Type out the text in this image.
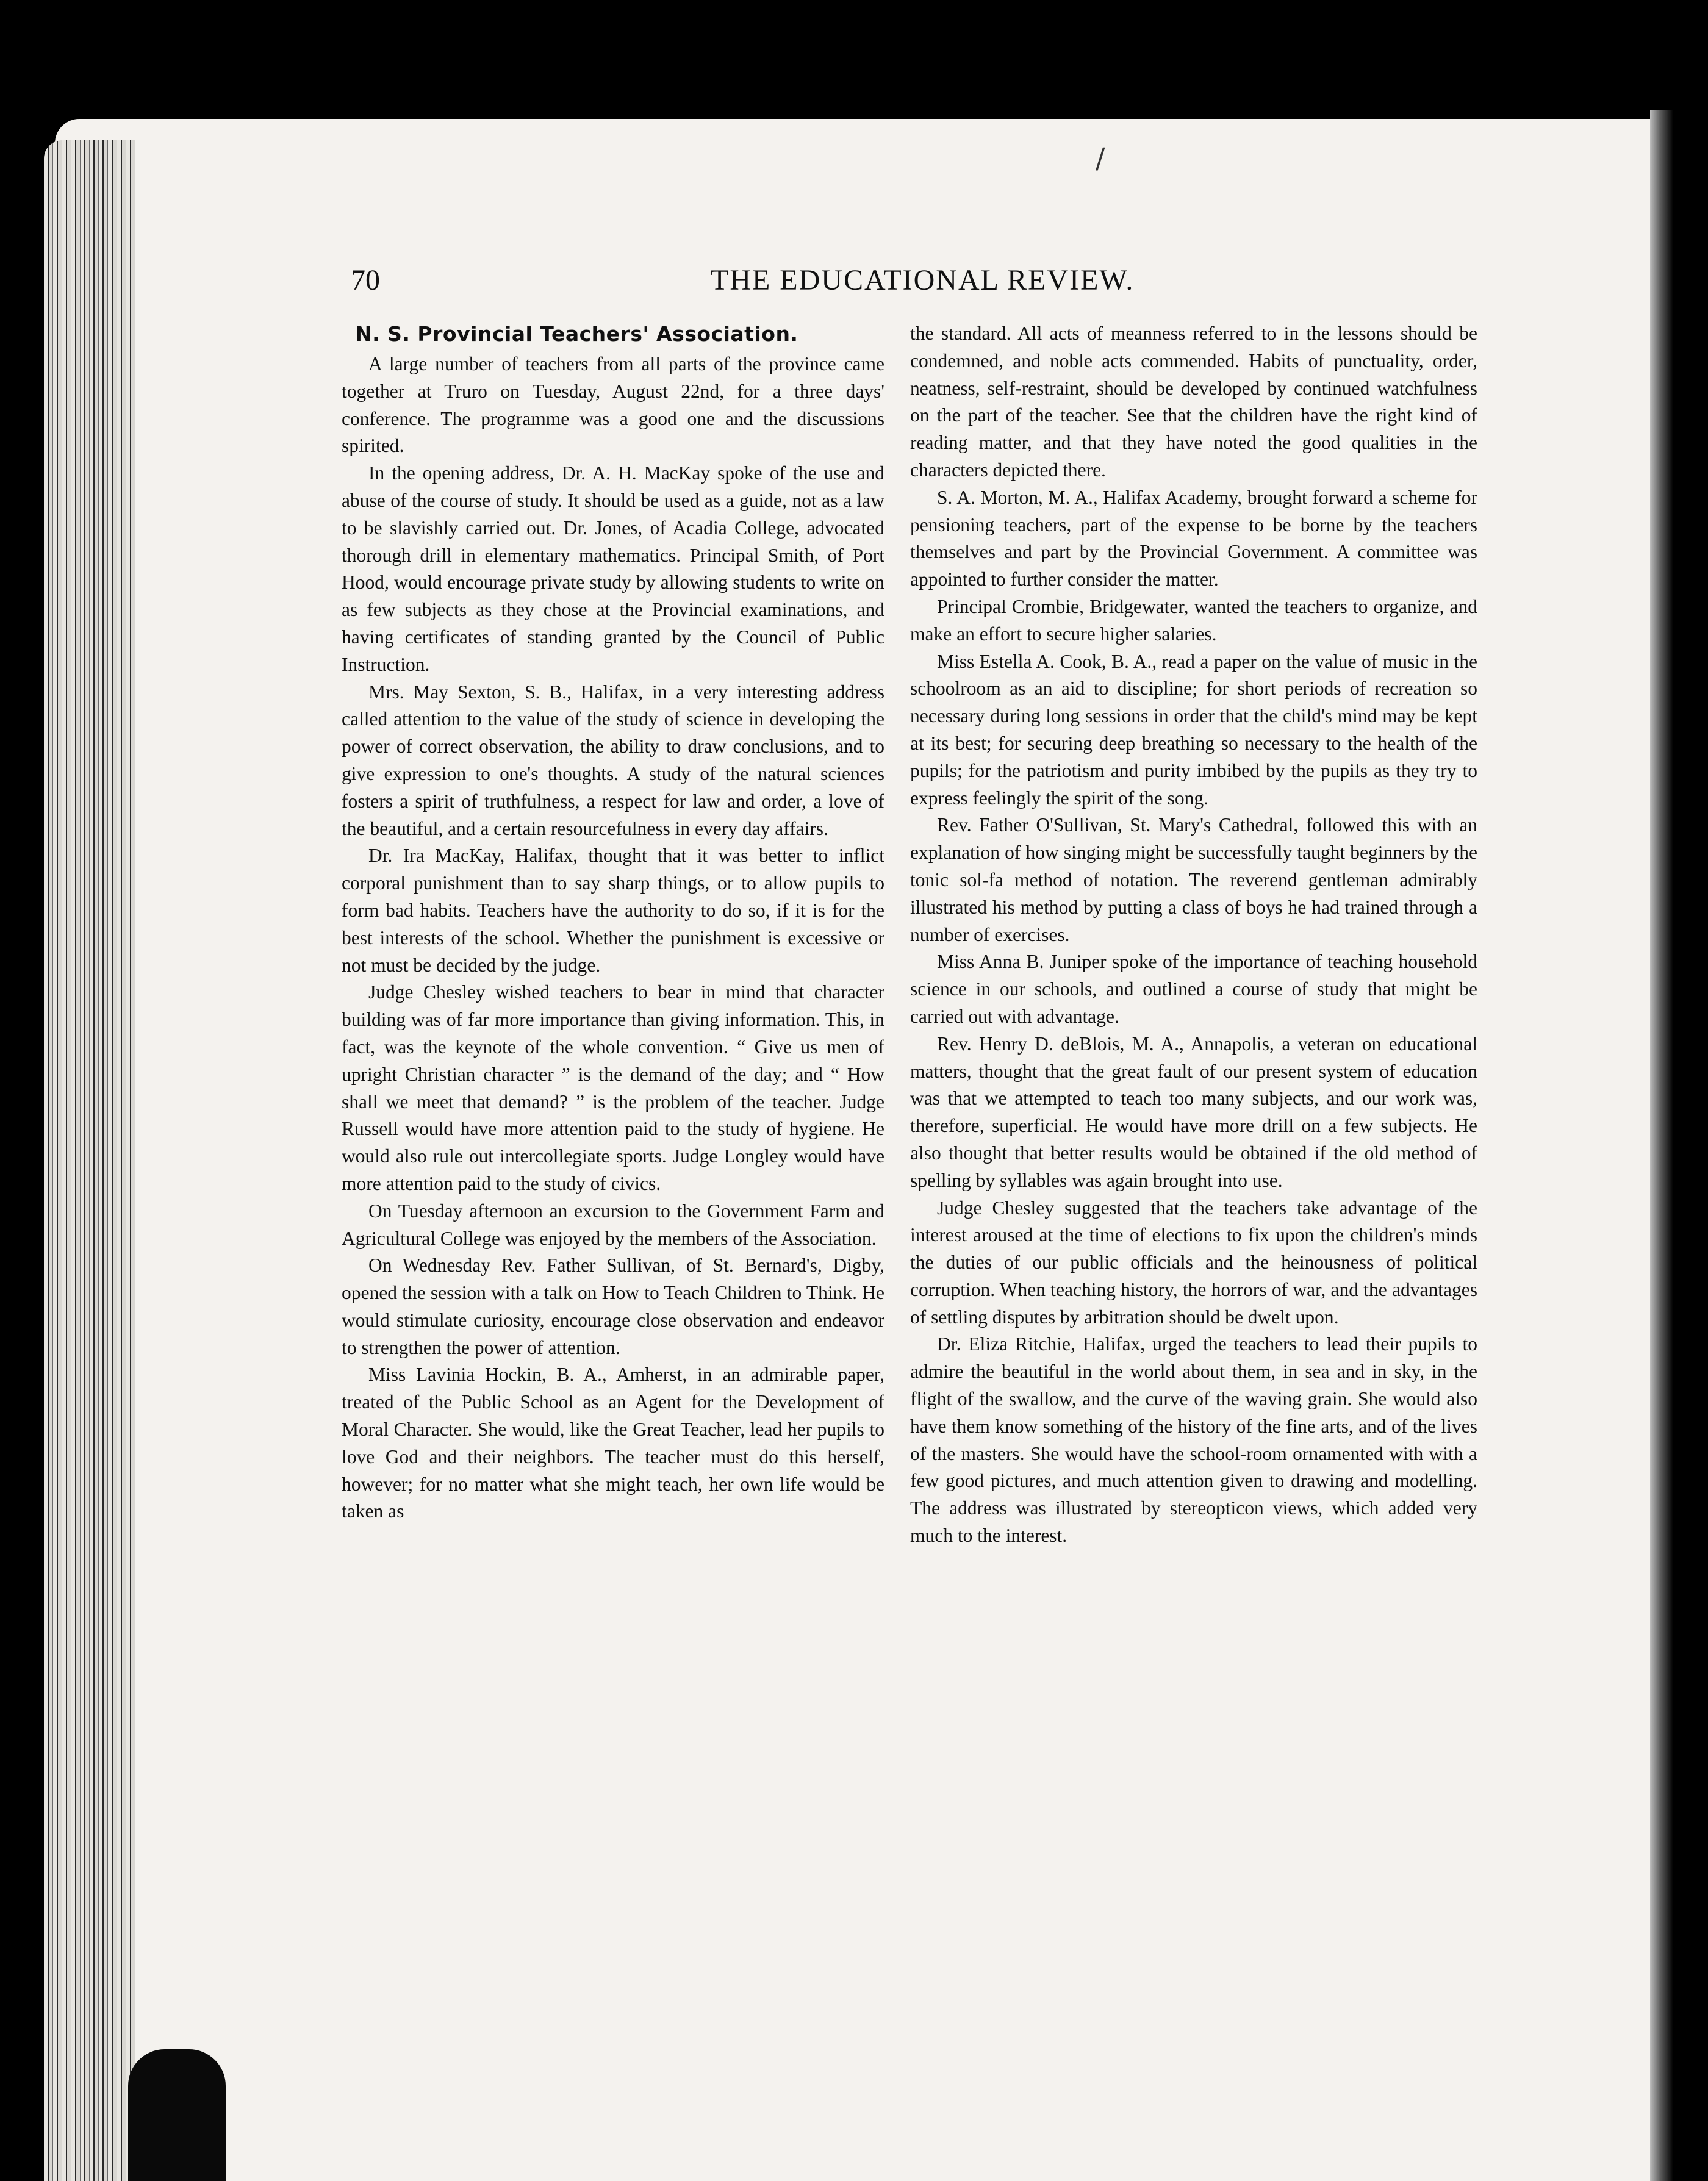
/
70	THE EDUCATIONAL REVIEW.
N. S. Provincial Teachers' Association.

A large number of teachers from all parts of the province came together at Truro on Tuesday, August 22nd, for a three days' conference. The programme was a good one and the discussions spirited.

In the opening address, Dr. A. H. MacKay spoke of the use and abuse of the course of study. It should be used as a guide, not as a law to be slavishly carried out. Dr. Jones, of Acadia College, advocated thorough drill in elementary mathematics. Principal Smith, of Port Hood, would encourage private study by allowing students to write on as few subjects as they chose at the Provincial examinations, and having certificates of standing granted by the Council of Public Instruction.

Mrs. May Sexton, S. B., Halifax, in a very interesting address called attention to the value of the study of science in developing the power of correct observation, the ability to draw conclusions, and to give expression to one's thoughts. A study of the natural sciences fosters a spirit of truthfulness, a respect for law and order, a love of the beautiful, and a certain resourcefulness in every day affairs.

Dr. Ira MacKay, Halifax, thought that it was better to inflict corporal punishment than to say sharp things, or to allow pupils to form bad habits. Teachers have the authority to do so, if it is for the best interests of the school. Whether the punishment is excessive or not must be decided by the judge.

Judge Chesley wished teachers to bear in mind that character building was of far more importance than giving information. This, in fact, was the keynote of the whole convention. “ Give us men of upright Christian character ” is the demand of the day; and “ How shall we meet that demand? ” is the problem of the teacher. Judge Russell would have more attention paid to the study of hygiene. He would also rule out intercollegiate sports. Judge Longley would have more attention paid to the study of civics.

On Tuesday afternoon an excursion to the Government Farm and Agricultural College was enjoyed by the members of the Association.

On Wednesday Rev. Father Sullivan, of St. Bernard's, Digby, opened the session with a talk on How to Teach Children to Think. He would stimulate curiosity, encourage close observation and endeavor to strengthen the power of attention.

Miss Lavinia Hockin, B. A., Amherst, in an admirable paper, treated of the Public School as an Agent for the Development of Moral Character. She would, like the Great Teacher, lead her pupils to love God and their neighbors. The teacher must do this herself, however; for no matter what she might teach, her own life would be taken as

the standard. All acts of meanness referred to in the lessons should be condemned, and noble acts commended. Habits of punctuality, order, neatness, self-restraint, should be developed by continued watchfulness on the part of the teacher. See that the children have the right kind of reading matter, and that they have noted the good qualities in the characters depicted there.

S. A. Morton, M. A., Halifax Academy, brought forward a scheme for pensioning teachers, part of the expense to be borne by the teachers themselves and part by the Provincial Government. A committee was appointed to further consider the matter.

Principal Crombie, Bridgewater, wanted the teachers to organize, and make an effort to secure higher salaries.

Miss Estella A. Cook, B. A., read a paper on the value of music in the schoolroom as an aid to discipline; for short periods of recreation so necessary during long sessions in order that the child's mind may be kept at its best; for securing deep breathing so necessary to the health of the pupils; for the patriotism and purity imbibed by the pupils as they try to express feelingly the spirit of the song.

Rev. Father O'Sullivan, St. Mary's Cathedral, followed this with an explanation of how singing might be successfully taught beginners by the tonic sol-fa method of notation. The reverend gentleman admirably illustrated his method by putting a class of boys he had trained through a number of exercises.

Miss Anna B. Juniper spoke of the importance of teaching household science in our schools, and outlined a course of study that might be carried out with advantage.

Rev. Henry D. deBlois, M. A., Annapolis, a veteran on educational matters, thought that the great fault of our present system of education was that we attempted to teach too many subjects, and our work was, therefore, superficial. He would have more drill on a few subjects. He also thought that better results would be obtained if the old method of spelling by syllables was again brought into use.

Judge Chesley suggested that the teachers take advantage of the interest aroused at the time of elections to fix upon the children's minds the duties of our public officials and the heinousness of political corruption. When teaching history, the horrors of war, and the advantages of settling disputes by arbitration should be dwelt upon.

Dr. Eliza Ritchie, Halifax, urged the teachers to lead their pupils to admire the beautiful in the world about them, in sea and in sky, in the flight of the swallow, and the curve of the waving grain. She would also have them know something of the history of the fine arts, and of the lives of the masters. She would have the school-room ornamented with with a few good pictures, and much attention given to drawing and modelling. The address was illustrated by stereopticon views, which added very much to the interest.
